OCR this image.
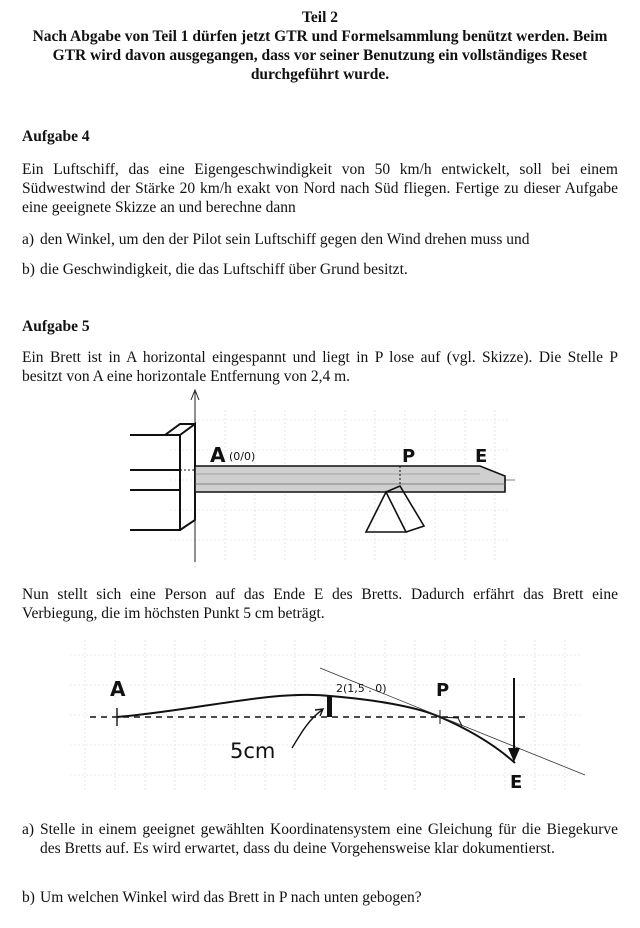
Teil 2
Nach Abgabe von Teil 1 dürfen jetzt GTR und Formelsammlung benützt werden. Beim GTR wird davon ausgegangen, dass vor seiner Benutzung ein vollständiges Reset durchgeführt wurde.
Aufgabe 4
Ein Luftschiff, das eine Eigengeschwindigkeit von 50 km/h entwickelt, soll bei einem Südwestwind der Stärke 20 km/h exakt von Nord nach Süd fliegen. Fertige zu dieser Aufgabe eine geeignete Skizze an und berechne dann
a) den Winkel, um den der Pilot sein Luftschiff gegen den Wind drehen muss und
b) die Geschwindigkeit, die das Luftschiff über Grund besitzt.
Aufgabe 5
Ein Brett ist in A horizontal eingespannt und liegt in P lose auf (vgl. Skizze). Die Stelle P besitzt von A eine horizontale Entfernung von 2,4 m.
A (0/0)	P	E
Nun stellt sich eine Person auf das Ende E des Bretts. Dadurch erfährt das Brett eine Verbiegung, die im höchsten Punkt 5 cm beträgt.
A	2(1,5 . 0)	P
E
5cm
a) Stelle in einem geeignet gewählten Koordinatensystem eine Gleichung für die Biegekurve des Bretts auf. Es wird erwartet, dass du deine Vorgehensweise klar dokumentierst.
b) Um welchen Winkel wird das Brett in P nach unten gebogen?
